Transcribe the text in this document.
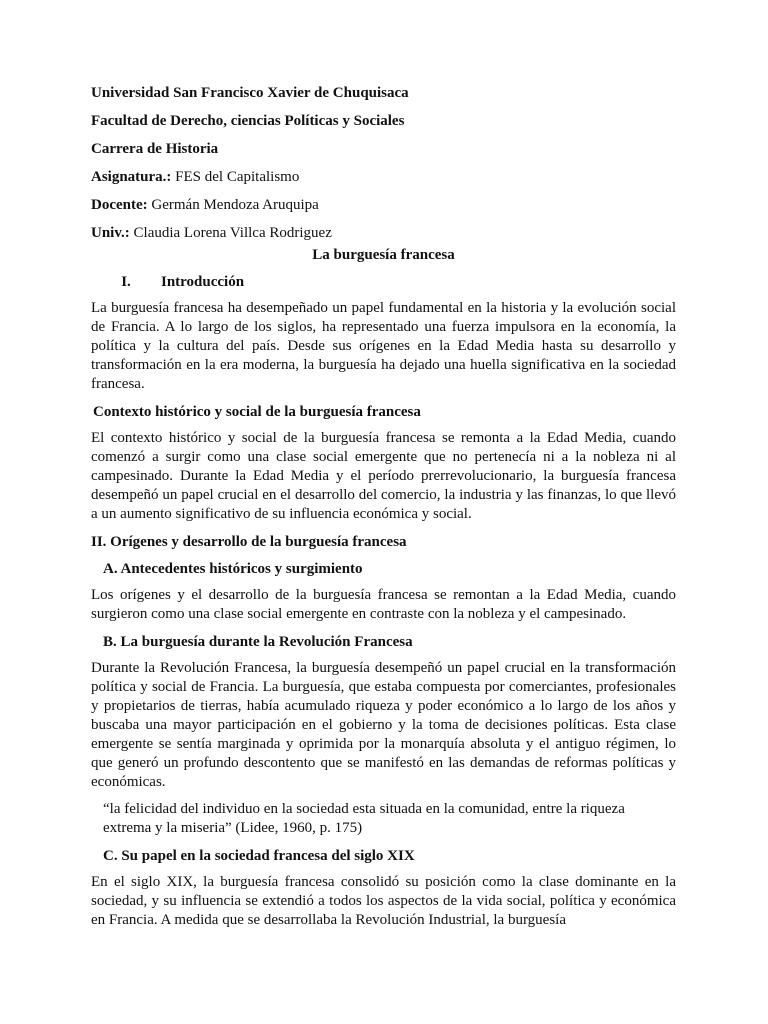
Universidad San Francisco Xavier de Chuquisaca

Facultad de Derecho, ciencias Políticas y Sociales

Carrera de Historia

Asignatura.: FES del Capitalismo

Docente: Germán Mendoza Aruquipa

Univ.: Claudia Lorena Villca Rodriguez

La burguesía francesa

I. Introducción

La burguesía francesa ha desempeñado un papel fundamental en la historia y la evolución social de Francia. A lo largo de los siglos, ha representado una fuerza impulsora en la economía, la política y la cultura del país. Desde sus orígenes en la Edad Media hasta su desarrollo y transformación en la era moderna, la burguesía ha dejado una huella significativa en la sociedad francesa.

Contexto histórico y social de la burguesía francesa

El contexto histórico y social de la burguesía francesa se remonta a la Edad Media, cuando comenzó a surgir como una clase social emergente que no pertenecía ni a la nobleza ni al campesinado. Durante la Edad Media y el período prerrevolucionario, la burguesía francesa desempeñó un papel crucial en el desarrollo del comercio, la industria y las finanzas, lo que llevó a un aumento significativo de su influencia económica y social.

II. Orígenes y desarrollo de la burguesía francesa

A. Antecedentes históricos y surgimiento

Los orígenes y el desarrollo de la burguesía francesa se remontan a la Edad Media, cuando surgieron como una clase social emergente en contraste con la nobleza y el campesinado.

B. La burguesía durante la Revolución Francesa

Durante la Revolución Francesa, la burguesía desempeñó un papel crucial en la transformación política y social de Francia. La burguesía, que estaba compuesta por comerciantes, profesionales y propietarios de tierras, había acumulado riqueza y poder económico a lo largo de los años y buscaba una mayor participación en el gobierno y la toma de decisiones políticas. Esta clase emergente se sentía marginada y oprimida por la monarquía absoluta y el antiguo régimen, lo que generó un profundo descontento que se manifestó en las demandas de reformas políticas y económicas.

“la felicidad del individuo en la sociedad esta situada en la comunidad, entre la riqueza extrema y la miseria” (Lidee, 1960, p. 175)

C. Su papel en la sociedad francesa del siglo XIX

En el siglo XIX, la burguesía francesa consolidó su posición como la clase dominante en la sociedad, y su influencia se extendió a todos los aspectos de la vida social, política y económica en Francia. A medida que se desarrollaba la Revolución Industrial, la burguesía
